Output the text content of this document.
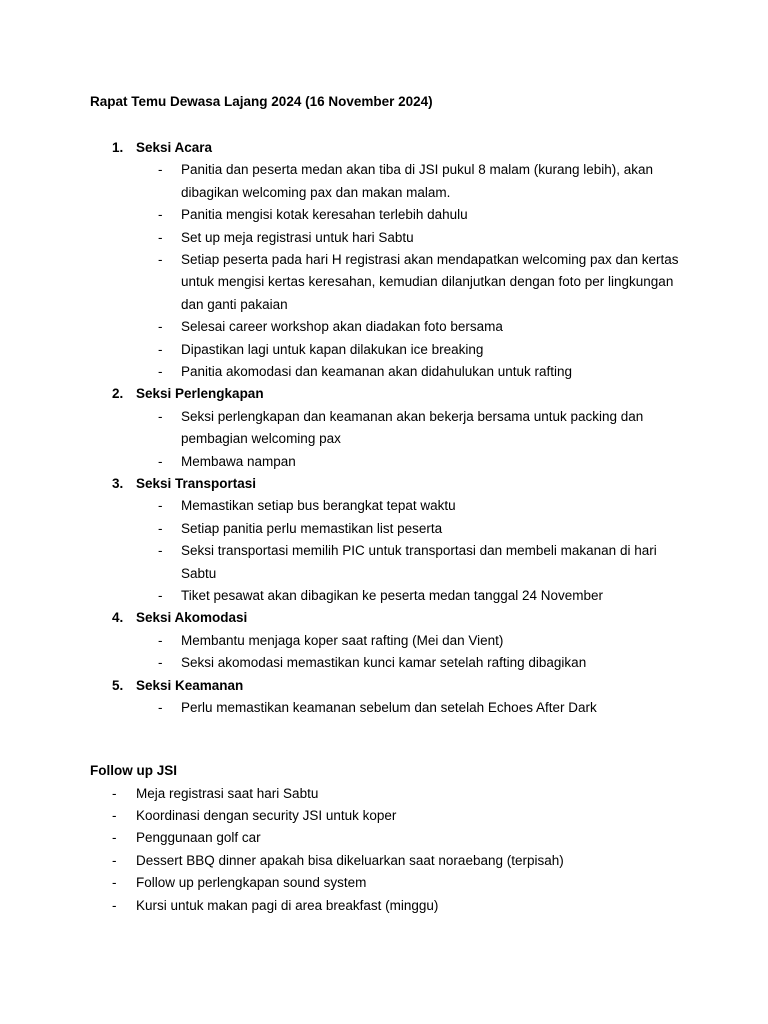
Rapat Temu Dewasa Lajang 2024 (16 November 2024)
1. Seksi Acara
- Panitia dan peserta medan akan tiba di JSI pukul 8 malam (kurang lebih), akan dibagikan welcoming pax dan makan malam.
- Panitia mengisi kotak keresahan terlebih dahulu
- Set up meja registrasi untuk hari Sabtu
- Setiap peserta pada hari H registrasi akan mendapatkan welcoming pax dan kertas untuk mengisi kertas keresahan, kemudian dilanjutkan dengan foto per lingkungan dan ganti pakaian
- Selesai career workshop akan diadakan foto bersama
- Dipastikan lagi untuk kapan dilakukan ice breaking
- Panitia akomodasi dan keamanan akan didahulukan untuk rafting
2. Seksi Perlengkapan
- Seksi perlengkapan dan keamanan akan bekerja bersama untuk packing dan pembagian welcoming pax
- Membawa nampan
3. Seksi Transportasi
- Memastikan setiap bus berangkat tepat waktu
- Setiap panitia perlu memastikan list peserta
- Seksi transportasi memilih PIC untuk transportasi dan membeli makanan di hari Sabtu
- Tiket pesawat akan dibagikan ke peserta medan tanggal 24 November
4. Seksi Akomodasi
- Membantu menjaga koper saat rafting (Mei dan Vient)
- Seksi akomodasi memastikan kunci kamar setelah rafting dibagikan
5. Seksi Keamanan
- Perlu memastikan keamanan sebelum dan setelah Echoes After Dark
Follow up JSI
- Meja registrasi saat hari Sabtu
- Koordinasi dengan security JSI untuk koper
- Penggunaan golf car
- Dessert BBQ dinner apakah bisa dikeluarkan saat noraebang (terpisah)
- Follow up perlengkapan sound system
- Kursi untuk makan pagi di area breakfast (minggu)
